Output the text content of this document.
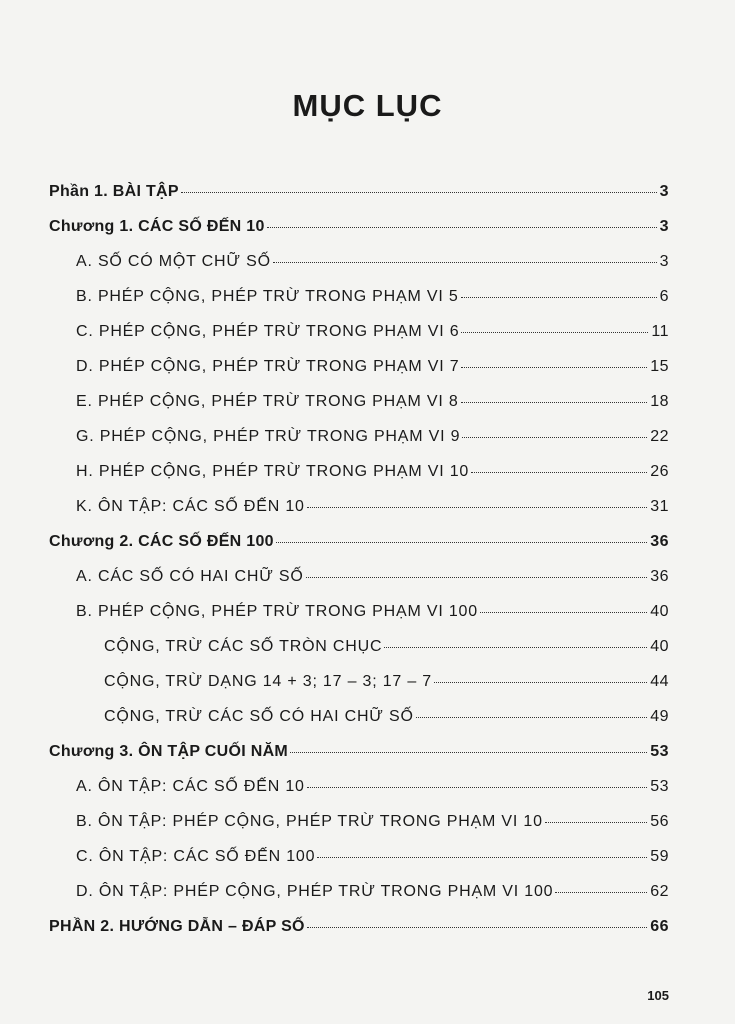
MỤC LỤC
Phần 1. BÀI TẬP	3
Chương 1. CÁC SỐ ĐẾN 10	3
A. SỐ CÓ MỘT CHỮ SỐ	3
B. PHÉP CỘNG, PHÉP TRỪ TRONG PHẠM VI 5	6
C. PHÉP CỘNG, PHÉP TRỪ TRONG PHẠM VI 6	11
D. PHÉP CỘNG, PHÉP TRỪ TRONG PHẠM VI 7	15
E. PHÉP CỘNG, PHÉP TRỪ TRONG PHẠM VI 8	18
G. PHÉP CỘNG, PHÉP TRỪ TRONG PHẠM VI 9	22
H. PHÉP CỘNG, PHÉP TRỪ TRONG PHẠM VI 10	26
K. ÔN TẬP: CÁC SỐ ĐẾN 10	31
Chương 2. CÁC SỐ ĐẾN 100	36
A. CÁC SỐ CÓ HAI CHỮ SỐ	36
B. PHÉP CỘNG, PHÉP TRỪ TRONG PHẠM VI 100	40
CỘNG, TRỪ CÁC SỐ TRÒN CHỤC	40
CỘNG, TRỪ DẠNG 14 + 3; 17 – 3; 17 – 7	44
CỘNG, TRỪ CÁC SỐ CÓ HAI CHỮ SỐ	49
Chương 3. ÔN TẬP CUỐI NĂM	53
A. ÔN TẬP: CÁC SỐ ĐẾN 10	53
B. ÔN TẬP: PHÉP CỘNG, PHÉP TRỪ TRONG PHẠM VI 10	56
C. ÔN TẬP: CÁC SỐ ĐẾN 100	59
D. ÔN TẬP: PHÉP CỘNG, PHÉP TRỪ TRONG PHẠM VI 100	62
PHẦN 2. HƯỚNG DẪN – ĐÁP SỐ	66
105
